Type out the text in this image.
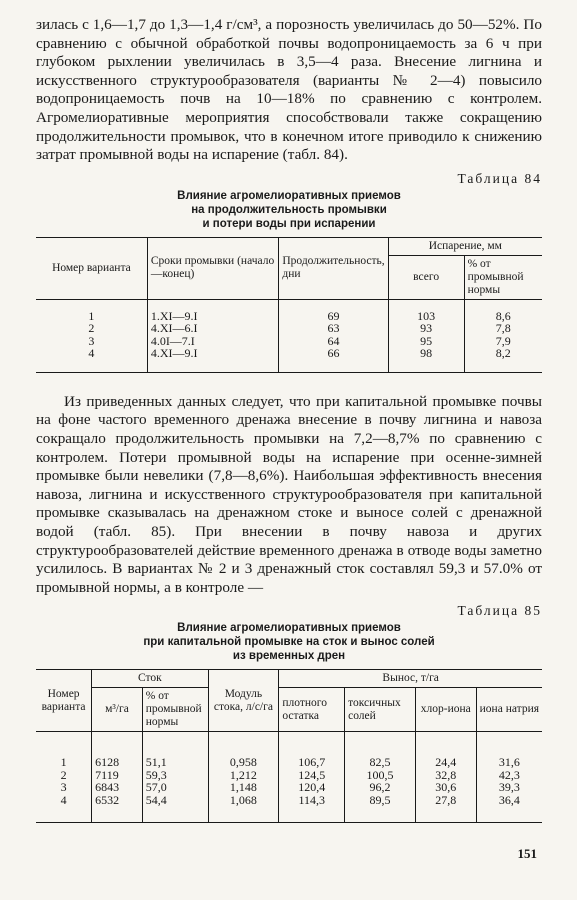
зилась с 1,6—1,7 до 1,3—1,4 г/см³, а порозность увеличилась до 50—52%. По сравнению с обычной обработкой почвы водопроницаемость за 6 ч при глубоком рыхлении увеличилась в 3,5—4 раза. Внесение лигнина и искусственного структурообразователя (варианты № 2—4) повысило водопроницаемость почв на 10—18% по сравнению с контролем. Агромелиоративные мероприятия способствовали также сокращению продолжительности промывок, что в конечном итоге приводило к снижению затрат промывной воды на испарение (табл. 84).

Таблица 84
Влияние агромелиоративных приемов
на продолжительность промывки
и потери воды при испарении
Номер варианта	Сроки промывки (начало—конец)	Продолжительность, дни	Испарение, мм	
			всего	% от промывной нормы
1	1.XI—9.I	69	103	8,6
2	4.XI—6.I	63	93	7,8
3	4.0I—7.I	64	95	7,9
4	4.XI—9.I	66	98	8,2

Из приведенных данных следует, что при капитальной промывке почвы на фоне частого временного дренажа внесение в почву лигнина и навоза сокращало продолжительность промывки на 7,2—8,7% по сравнению с контролем. Потери промывной воды на испарение при осенне-зимней промывке были невелики (7,8—8,6%). Наибольшая эффективность внесения навоза, лигнина и искусственного структурообразователя при капитальной промывке сказывалась на дренажном стоке и выносе солей с дренажной водой (табл. 85). При внесении в почву навоза и других структурообразователей действие временного дренажа в отводе воды заметно усилилось. В вариантах № 2 и 3 дренажный сток составлял 59,3 и 57.0% от промывной нормы, а в контроле —

Таблица 85
Влияние агромелиоративных приемов
при капитальной промывке на сток и вынос солей
из временных дрен
Номер варианта	Сток		Модуль стока, л/с/га	Вынос, т/га			
	м³/га	% от промывной нормы		плотного остатка	токсичных солей	хлор-иона	иона натрия
1	6128	51,1	0,958	106,7	82,5	24,4	31,6
2	7119	59,3	1,212	124,5	100,5	32,8	42,3
3	6843	57,0	1,148	120,4	96,2	30,6	39,3
4	6532	54,4	1,068	114,3	89,5	27,8	36,4
151
